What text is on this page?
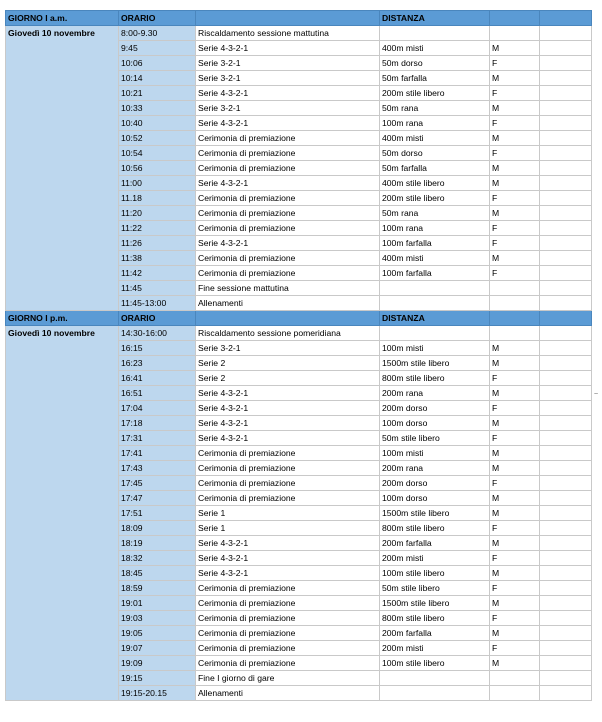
GIORNO I a.m.	ORARIO		DISTANZA		
Giovedì 10 novembre	8:00-9.30	Riscaldamento sessione mattutina			
	9:45	Serie 4-3-2-1	400m misti	M	
	10:06	Serie 3-2-1	50m dorso	F	
	10:14	Serie 3-2-1	50m farfalla	M	
	10:21	Serie 4-3-2-1	200m stile libero	F	
	10:33	Serie 3-2-1	50m rana	M	
	10:40	Serie 4-3-2-1	100m rana	F	
	10:52	Cerimonia di premiazione	400m misti	M	
	10:54	Cerimonia di premiazione	50m dorso	F	
	10:56	Cerimonia di premiazione	50m farfalla	M	
	11:00	Serie 4-3-2-1	400m stile libero	M	
	11.18	Cerimonia di premiazione	200m stile libero	F	
	11:20	Cerimonia di premiazione	50m rana	M	
	11:22	Cerimonia di premiazione	100m rana	F	
	11:26	Serie 4-3-2-1	100m farfalla	F	
	11:38	Cerimonia di premiazione	400m misti	M	
	11:42	Cerimonia di premiazione	100m farfalla	F	
	11:45	Fine sessione mattutina			
	11:45-13:00	Allenamenti			
GIORNO I p.m.	ORARIO		DISTANZA		
Giovedì 10 novembre	14:30-16:00	Riscaldamento sessione pomeridiana			
	16:15	Serie 3-2-1	100m misti	M	
	16:23	Serie 2	1500m stile libero	M	
	16:41	Serie 2	800m stile libero	F	
	16:51	Serie 4-3-2-1	200m rana	M	
	17:04	Serie 4-3-2-1	200m dorso	F	
	17:18	Serie 4-3-2-1	100m dorso	M	
	17:31	Serie 4-3-2-1	50m stile libero	F	
	17:41	Cerimonia di premiazione	100m misti	M	
	17:43	Cerimonia di premiazione	200m rana	M	
	17:45	Cerimonia di premiazione	200m dorso	F	
	17:47	Cerimonia di premiazione	100m dorso	M	
	17:51	Serie 1	1500m stile libero	M	
	18:09	Serie 1	800m stile libero	F	
	18:19	Serie 4-3-2-1	200m farfalla	M	
	18:32	Serie 4-3-2-1	200m misti	F	
	18:45	Serie 4-3-2-1	100m stile libero	M	
	18:59	Cerimonia di premiazione	50m stile libero	F	
	19:01	Cerimonia di premiazione	1500m stile libero	M	
	19:03	Cerimonia di premiazione	800m stile libero	F	
	19:05	Cerimonia di premiazione	200m farfalla	M	
	19:07	Cerimonia di premiazione	200m misti	F	
	19:09	Cerimonia di premiazione	100m stile libero	M	
	19:15	Fine I giorno di gare			
	19:15-20.15	Allenamenti			
~
